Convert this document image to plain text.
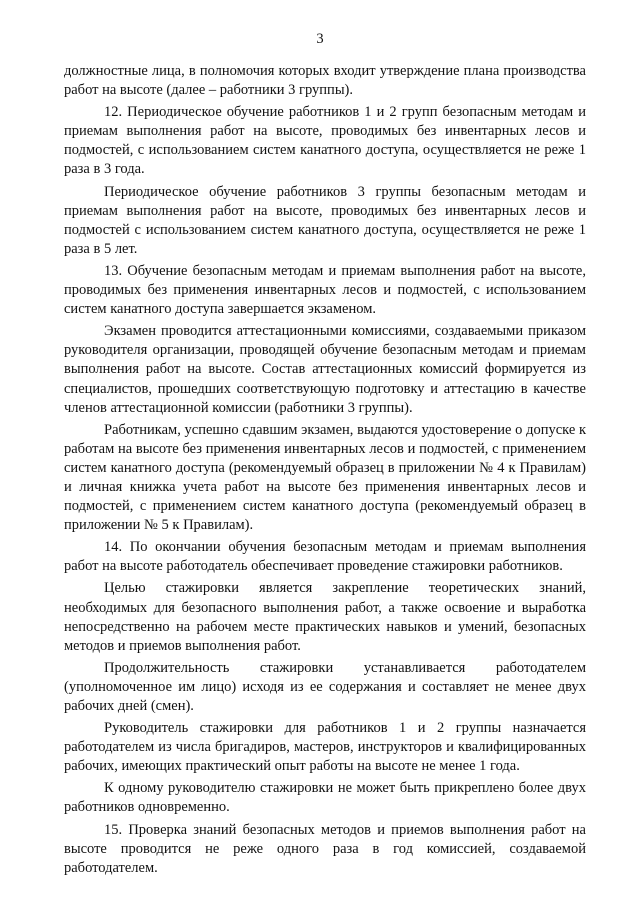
3

должностные лица, в полномочия которых входит утверждение плана производства работ на высоте (далее – работники 3 группы).

12. Периодическое обучение работников 1 и 2 групп безопасным методам и приемам выполнения работ на высоте, проводимых без инвентарных лесов и подмостей, с использованием систем канатного доступа, осуществляется не реже 1 раза в 3 года.

Периодическое обучение работников 3 группы безопасным методам и приемам выполнения работ на высоте, проводимых без инвентарных лесов и подмостей с использованием систем канатного доступа, осуществляется не реже 1 раза в 5 лет.

13. Обучение безопасным методам и приемам выполнения работ на высоте, проводимых без применения инвентарных лесов и подмостей, с использованием систем канатного доступа завершается экзаменом.

Экзамен проводится аттестационными комиссиями, создаваемыми приказом руководителя организации, проводящей обучение безопасным методам и приемам выполнения работ на высоте. Состав аттестационных комиссий формируется из специалистов, прошедших соответствующую подготовку и аттестацию в качестве членов аттестационной комиссии (работники 3 группы).

Работникам, успешно сдавшим экзамен, выдаются удостоверение о допуске к работам на высоте без применения инвентарных лесов и подмостей, с применением систем канатного доступа (рекомендуемый образец в приложении № 4 к Правилам) и личная книжка учета работ на высоте без применения инвентарных лесов и подмостей, с применением систем канатного доступа (рекомендуемый образец в приложении № 5 к Правилам).

14. По окончании обучения безопасным методам и приемам выполнения работ на высоте работодатель обеспечивает проведение стажировки работников.

Целью стажировки является закрепление теоретических знаний, необходимых для безопасного выполнения работ, а также освоение и выработка непосредственно на рабочем месте практических навыков и умений, безопасных методов и приемов выполнения работ.

Продолжительность стажировки устанавливается работодателем (уполномоченное им лицо) исходя из ее содержания и составляет не менее двух рабочих дней (смен).

Руководитель стажировки для работников 1 и 2 группы назначается работодателем из числа бригадиров, мастеров, инструкторов и квалифицированных рабочих, имеющих практический опыт работы на высоте не менее 1 года.

К одному руководителю стажировки не может быть прикреплено более двух работников одновременно.

15. Проверка знаний безопасных методов и приемов выполнения работ на высоте проводится не реже одного раза в год комиссией, создаваемой работодателем.
